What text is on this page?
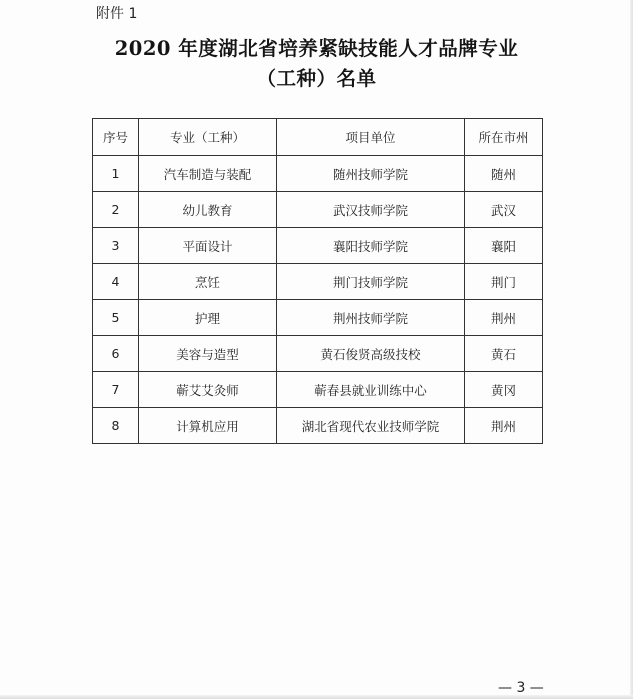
附件 1
2020 年度湖北省培养紧缺技能人才品牌专业
（工种）名单
序号	专业（工种）	项目单位	所在市州
1	汽车制造与装配	随州技师学院	随州
2	幼儿教育	武汉技师学院	武汉
3	平面设计	襄阳技师学院	襄阳
4	烹饪	荆门技师学院	荆门
5	护理	荆州技师学院	荆州
6	美容与造型	黄石俊贤高级技校	黄石
7	蕲艾艾灸师	蕲春县就业训练中心	黄冈
8	计算机应用	湖北省现代农业技师学院	荆州
— 3 —
